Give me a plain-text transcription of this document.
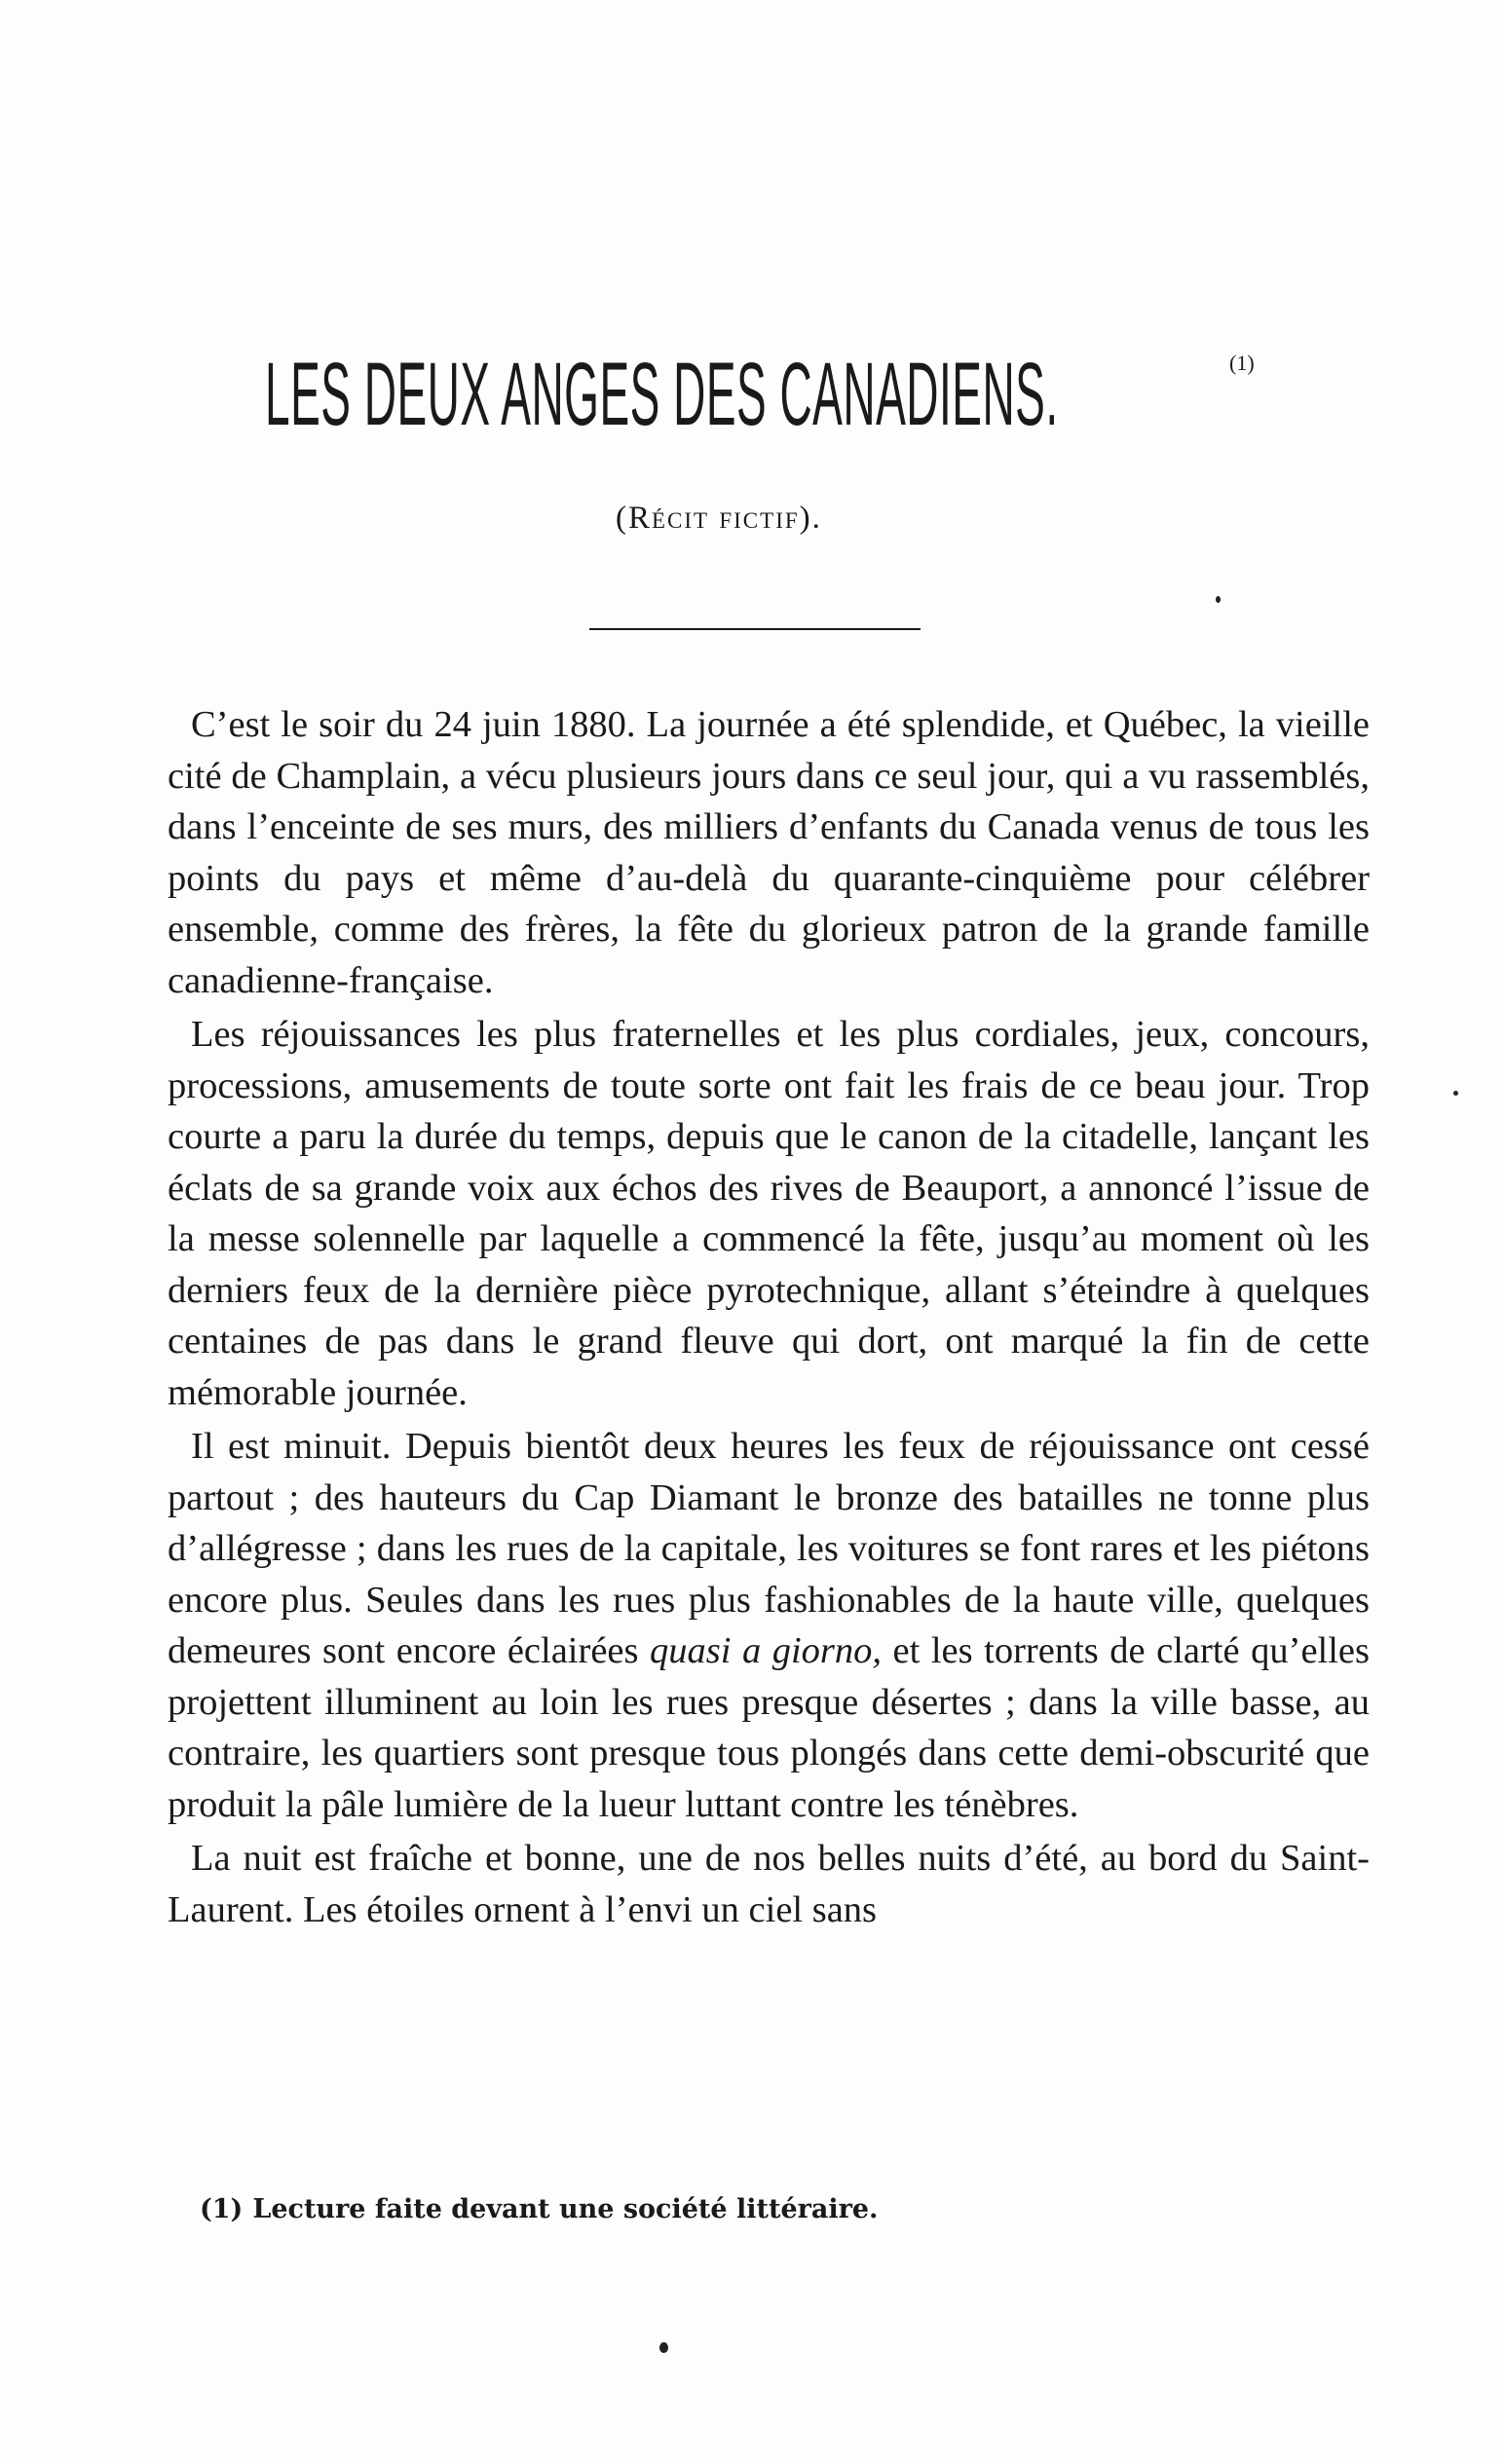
LES DEUX ANGES DES CANADIENS.	(1)
(Récit fictif).

C’est le soir du 24 juin 1880. La journée a été splendide, et Québec, la vieille cité de Champlain, a vécu plusieurs jours dans ce seul jour, qui a vu rassemblés, dans l’enceinte de ses murs, des milliers d’enfants du Canada venus de tous les points du pays et même d’au-delà du quarante-cinquième pour célébrer ensemble, comme des frères, la fête du glorieux patron de la grande famille canadienne-française.

Les réjouissances les plus fraternelles et les plus cordiales, jeux, concours, processions, amusements de toute sorte ont fait les frais de ce beau jour. Trop courte a paru la durée du temps, depuis que le canon de la citadelle, lançant les éclats de sa grande voix aux échos des rives de Beauport, a annoncé l’issue de la messe solennelle par laquelle a commencé la fête, jusqu’au moment où les derniers feux de la dernière pièce pyrotechnique, allant s’éteindre à quelques centaines de pas dans le grand fleuve qui dort, ont marqué la fin de cette mémorable journée.

Il est minuit. Depuis bientôt deux heures les feux de réjouissance ont cessé partout ; des hauteurs du Cap Diamant le bronze des batailles ne tonne plus d’allégresse ; dans les rues de la capitale, les voitures se font rares et les piétons encore plus. Seules dans les rues plus fashionables de la haute ville, quelques demeures sont encore éclairées quasi a giorno, et les torrents de clarté qu’elles projettent illuminent au loin les rues presque désertes ; dans la ville basse, au contraire, les quartiers sont presque tous plongés dans cette demi-obscurité que produit la pâle lumière de la lueur luttant contre les ténèbres.

La nuit est fraîche et bonne, une de nos belles nuits d’été, au bord du Saint-Laurent. Les étoiles ornent à l’envi un ciel sans

(1) Lecture faite devant une société littéraire.
